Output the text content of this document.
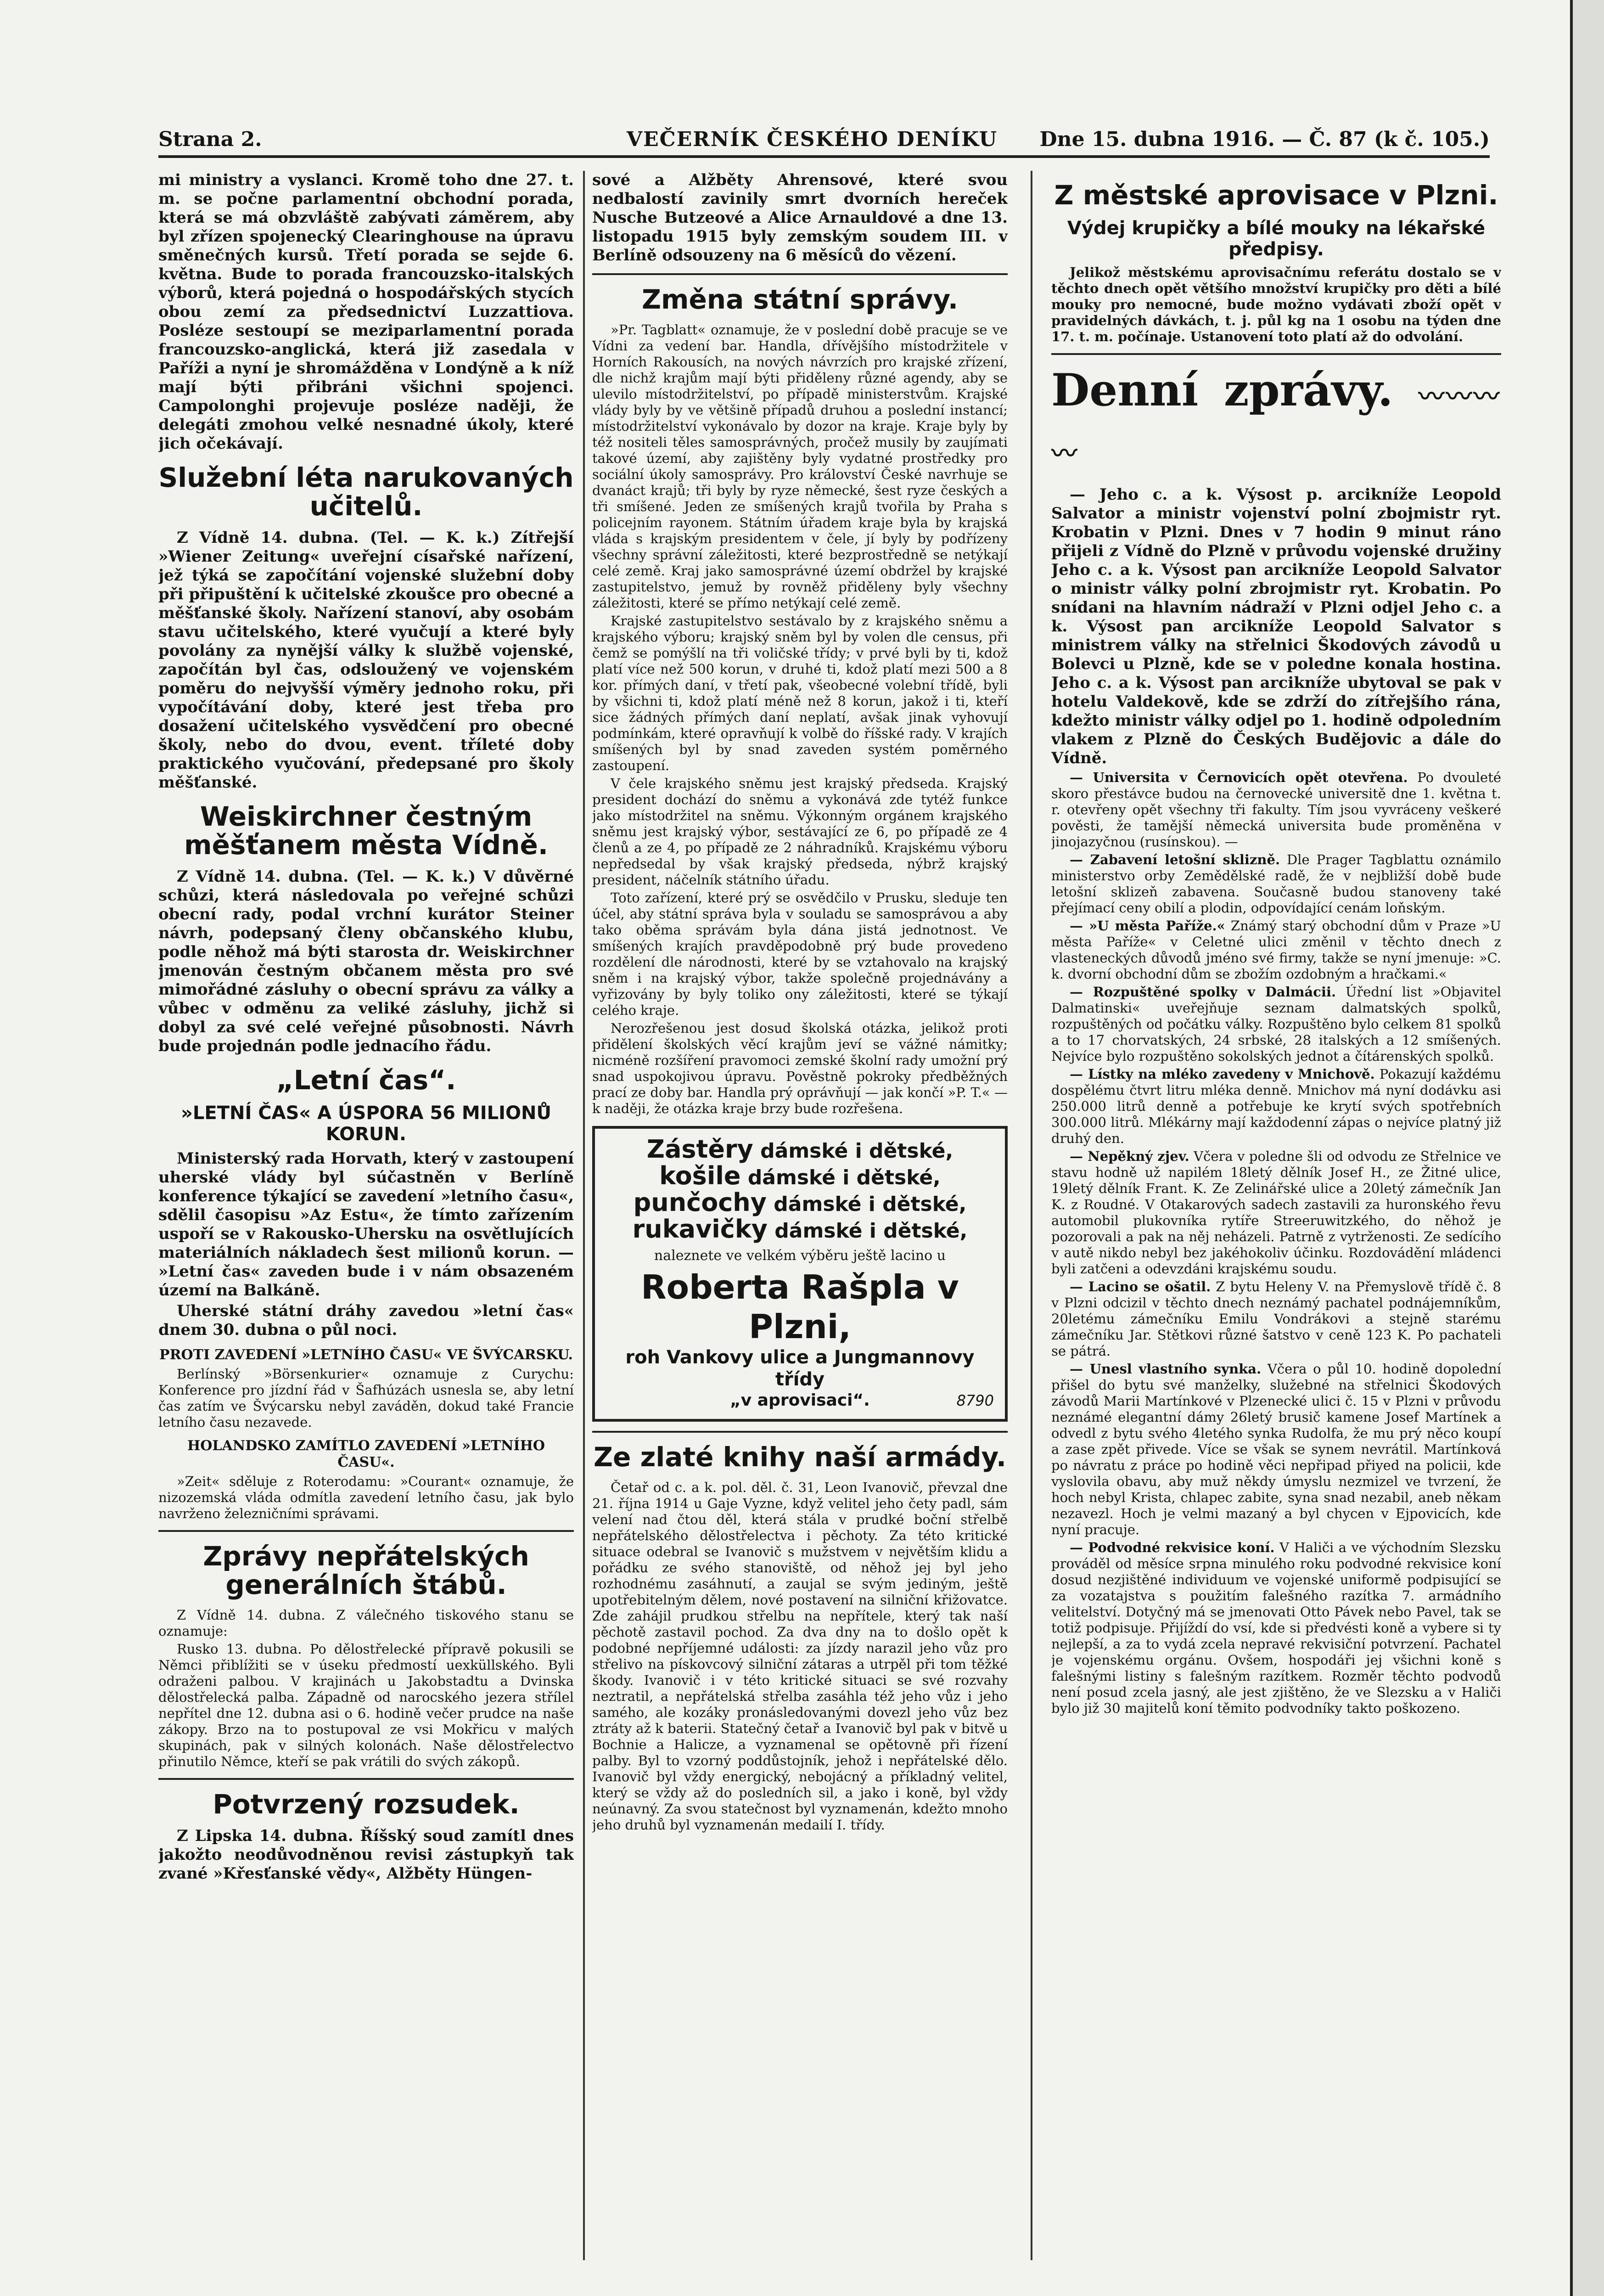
Strana 2.	VEČERNÍK ČESKÉHO DENÍKU Dne 15. dubna 1916. — Č. 87 (k č. 105.)

mi ministry a vyslanci. Kromě toho dne 27. t. m. se počne parlamentní obchodní porada, která se má obzvláště zabývati záměrem, aby byl zřízen spojenecký Clearinghouse na úpravu směnečných kursů. Třetí porada se sejde 6. května. Bude to porada francouzsko-italských výborů, která pojedná o hospodářských stycích obou zemí za předsednictví Luzzattiova. Posléze sestoupí se meziparlamentní porada francouzsko-anglická, která již zasedala v Paříži a nyní je shromážděna v Londýně a k níž mají býti přibráni všichni spojenci. Campolonghi projevuje posléze naději, že delegáti zmohou velké nesnadné úkoly, které jich očekávají.

Služební léta narukovaných učitelů.

Z Vídně 14. dubna. (Tel. — K. k.) Zítřejší »Wiener Zeitung« uveřejní císařské nařízení, jež týká se započítání vojenské služební doby při připuštění k učitelské zkoušce pro obecné a měšťanské školy. Nařízení stanoví, aby osobám stavu učitelského, které vyučují a které byly povolány za nynější války k službě vojenské, započítán byl čas, odsloužený ve vojenském poměru do nejvyšší výměry jednoho roku, při vypočítávání doby, které jest třeba pro dosažení učitelského vysvědčení pro obecné školy, nebo do dvou, event. tříleté doby praktického vyučování, předepsané pro školy měšťanské.

Weiskirchner čestným měšťanem města Vídně.

Z Vídně 14. dubna. (Tel. — K. k.) V důvěrné schůzi, která následovala po veřejné schůzi obecní rady, podal vrchní kurátor Steiner návrh, podepsaný členy občanského klubu, podle něhož má býti starosta dr. Weiskirchner jmenován čestným občanem města pro své mimořádné zásluhy o obecní správu za války a vůbec v odměnu za veliké zásluhy, jichž si dobyl za své celé veřejné působnosti. Návrh bude projednán podle jednacího řádu.

„Letní čas“.
»LETNÍ ČAS« A ÚSPORA 56 MILIONŮ KORUN.

Ministerský rada Horvath, který v zastoupení uherské vlády byl súčastněn v Berlíně konference týkající se zavedení »letního času«, sdělil časopisu »Az Estu«, že tímto zařízením uspoří se v Rakousko-Uhersku na osvětlujících materiálních nákladech šest milionů korun. — »Letní čas« zaveden bude i v nám obsazeném území na Balkáně.

Uherské státní dráhy zavedou »letní čas« dnem 30. dubna o půl noci.

PROTI ZAVEDENÍ »LETNÍHO ČASU« VE ŠVÝCARSKU.

Berlínský »Börsenkurier« oznamuje z Curychu: Konference pro jízdní řád v Šafhúzách usnesla se, aby letní čas zatím ve Švýcarsku nebyl zaváděn, dokud také Francie letního času nezavede.

HOLANDSKO ZAMÍTLO ZAVEDENÍ »LETNÍHO ČASU«.

»Zeit« sděluje z Roterodamu: »Courant« oznamuje, že nizozemská vláda odmítla zavedení letního času, jak bylo navrženo železničními správami.

Zprávy nepřátelských generálních štábů.

Z Vídně 14. dubna. Z válečného tiskového stanu se oznamuje:

Rusko 13. dubna. Po dělostřelecké přípravě pokusili se Němci přiblížiti se v úseku předmostí uexküllského. Byli odraženi palbou. V krajinách u Jakobstadtu a Dvinska dělostřelecká palba. Západně od narocského jezera střílel nepřítel dne 12. dubna asi o 6. hodině večer prudce na naše zákopy. Brzo na to postupoval ze vsi Mokřicu v malých skupinách, pak v silných kolonách. Naše dělostřelectvo přinutilo Němce, kteří se pak vrátili do svých zákopů.

Potvrzený rozsudek.

Z Lipska 14. dubna. Říšský soud zamítl dnes jakožto neodůvodněnou revisi zástupkyň tak zvané »Křesťanské vědy«, Alžběty Hüngen-

sové a Alžběty Ahrensové, které svou nedbalostí zavinily smrt dvorních hereček Nusche Butzeové a Alice Arnauldové a dne 13. listopadu 1915 byly zemským soudem III. v Berlíně odsouzeny na 6 měsíců do vězení.

Změna státní správy.

»Pr. Tagblatt« oznamuje, že v poslední době pracuje se ve Vídni za vedení bar. Handla, dřívějšího místodržitele v Horních Rakousích, na nových návrzích pro krajské zřízení, dle nichž krajům mají býti přiděleny různé agendy, aby se ulevilo místodržitelství, po případě ministerstvům. Krajské vlády byly by ve většině případů druhou a poslední instancí; místodržitelství vykonávalo by dozor na kraje. Kraje byly by též nositeli těles samosprávných, pročež musily by zaujímati takové území, aby zajištěny byly vydatné prostředky pro sociální úkoly samosprávy. Pro království České navrhuje se dvanáct krajů; tři byly by ryze německé, šest ryze českých a tři smíšené. Jeden ze smíšených krajů tvořila by Praha s policejním rayonem. Státním úřadem kraje byla by krajská vláda s krajským presidentem v čele, jí byly by podřízeny všechny správní záležitosti, které bezprostředně se netýkají celé země. Kraj jako samosprávné území obdržel by krajské zastupitelstvo, jemuž by rovněž přiděleny byly všechny záležitosti, které se přímo netýkají celé země.

Krajské zastupitelstvo sestávalo by z krajského sněmu a krajského výboru; krajský sněm byl by volen dle census, při čemž se pomýšlí na tři voličské třídy; v prvé byli by ti, kdož platí více než 500 korun, v druhé ti, kdož platí mezi 500 a 8 kor. přímých daní, v třetí pak, všeobecné volební třídě, byli by všichni ti, kdož platí méně než 8 korun, jakož i ti, kteří sice žádných přímých daní neplatí, avšak jinak vyhovují podmínkám, které opravňují k volbě do říšské rady. V krajích smíšených byl by snad zaveden systém poměrného zastoupení.

V čele krajského sněmu jest krajský předseda. Krajský president dochází do sněmu a vykonává zde tytéž funkce jako místodržitel na sněmu. Výkonným orgánem krajského sněmu jest krajský výbor, sestávající ze 6, po případě ze 4 členů a ze 4, po případě ze 2 náhradníků. Krajskému výboru nepředsedal by však krajský předseda, nýbrž krajský president, náčelník státního úřadu.

Toto zařízení, které prý se osvědčilo v Prusku, sleduje ten účel, aby státní správa byla v souladu se samosprávou a aby tako oběma správám byla dána jistá jednotnost. Ve smíšených krajích pravděpodobně prý bude provedeno rozdělení dle národnosti, které by se vztahovalo na krajský sněm i na krajský výbor, takže společně projednávány a vyřizovány by byly toliko ony záležitosti, které se týkají celého kraje.

Nerozřešenou jest dosud školská otázka, jelikož proti přidělení školských věcí krajům jeví se vážné námitky; nicméně rozšíření pravomoci zemské školní rady umožní prý snad uspokojivou úpravu. Pověstně pokroky předběžných prací ze doby bar. Handla prý oprávňují — jak končí »P. T.« — k naději, že otázka kraje brzy bude rozřešena.

Zástěry dámské i dětské,
košile dámské i dětské,
punčochy dámské i dětské,
rukavičky dámské i dětské,
naleznete ve velkém výběru ještě lacino u
Roberta Rašpla v Plzni,
roh Vankovy ulice a Jungmannovy třídy
„v aprovisaci“.	8790
Ze zlaté knihy naší armády.

Četař od c. a k. pol. děl. č. 31, Leon Ivanovič, převzal dne 21. října 1914 u Gaje Vyzne, když velitel jeho čety padl, sám velení nad čtou děl, která stála v prudké boční střelbě nepřátelského dělostřelectva i pěchoty. Za této kritické situace odebral se Ivanovič s mužstvem v největším klidu a pořádku ze svého stanoviště, od něhož jej byl jeho rozhodnému zasáhnutí, a zaujal se svým jediným, ještě upotřebitelným dělem, nové postavení na silniční křižovatce. Zde zahájil prudkou střelbu na nepřítele, který tak naší pěchotě zastavil pochod. Za dva dny na to došlo opět k podobné nepříjemné události: za jízdy narazil jeho vůz pro střelivo na pískovcový silniční zátaras a utrpěl při tom těžké škody. Ivanovič i v této kritické situaci se své rozvahy neztratil, a nepřátelská střelba zasáhla též jeho vůz i jeho samého, ale kozáky pronásledovanými dovezl jeho vůz bez ztráty až k baterii. Statečný četař a Ivanovič byl pak v bitvě u Bochnie a Halicze, a vyznamenal se opětovně při řízení palby. Byl to vzorný poddůstojník, jehož i nepřátelské dělo. Ivanovič byl vždy energický, nebojácný a příkladný velitel, který se vždy až do posledních sil, a jako i koně, byl vždy neúnavný. Za svou statečnost byl vyznamenán, kdežto mnoho jeho druhů byl vyznamenán medailí I. třídy.

Z městské aprovisace v Plzni.
Výdej krupičky a bílé mouky na lékařské předpisy.

Jelikož městskému aprovisačnímu referátu dostalo se v těchto dnech opět většího množství krupičky pro děti a bílé mouky pro nemocné, bude možno vydávati zboží opět v pravidelných dávkách, t. j. půl kg na 1 osobu na týden dne 17. t. m. počínaje. Ustanovení toto platí až do odvolání.

Denní zprávy. 〰〰〰〰

— Jeho c. a k. Výsost p. arcikníže Leopold Salvator a ministr vojenství polní zbojmistr ryt. Krobatin v Plzni. Dnes v 7 hodin 9 minut ráno přijeli z Vídně do Plzně v průvodu vojenské družiny Jeho c. a k. Výsost pan arcikníže Leopold Salvator o ministr války polní zbrojmistr ryt. Krobatin. Po snídani na hlavním nádraží v Plzni odjel Jeho c. a k. Výsost pan arcikníže Leopold Salvator s ministrem války na střelnici Škodových závodů u Bolevci u Plzně, kde se v poledne konala hostina. Jeho c. a k. Výsost pan arcikníže ubytoval se pak v hotelu Valdekově, kde se zdrží do zítřejšího rána, kdežto ministr války odjel po 1. hodině odpoledním vlakem z Plzně do Českých Budějovic a dále do Vídně.

— Universita v Černovicích opět otevřena. Po dvouleté skoro přestávce budou na černovecké universitě dne 1. května t. r. otevřeny opět všechny tři fakulty. Tím jsou vyvráceny veškeré pověsti, že tamější německá universita bude proměněna v jinojazyčnou (rusínskou). —

— Zabavení letošní sklizně. Dle Prager Tagblattu oznámilo ministerstvo orby Zemědělské radě, že v nejbližší době bude letošní sklizeň zabavena. Současně budou stanoveny také přejímací ceny obilí a plodin, odpovídající cenám loňským.

— »U města Paříže.« Známý starý obchodní dům v Praze »U města Paříže« v Celetné ulici změnil v těchto dnech z vlasteneckých důvodů jméno své firmy, takže se nyní jmenuje: »C. k. dvorní obchodní dům se zbožím ozdobným a hračkami.«

— Rozpuštěné spolky v Dalmácii. Úřední list »Objavitel Dalmatinski« uveřejňuje seznam dalmatských spolků, rozpuštěných od počátku války. Rozpuštěno bylo celkem 81 spolků a to 17 chorvatských, 24 srbské, 28 italských a 12 smíšených. Nejvíce bylo rozpuštěno sokolských jednot a čítárenských spolků.

— Lístky na mléko zavedeny v Mnichově. Pokazují každému dospělému čtvrt litru mléka denně. Mnichov má nyní dodávku asi 250.000 litrů denně a potřebuje ke krytí svých spotřebních 300.000 litrů. Mlékárny mají každodenní zápas o nejvíce platný již druhý den.

— Nepěkný zjev. Včera v poledne šli od odvodu ze Střelnice ve stavu hodně už napilém 18letý dělník Josef H., ze Žitné ulice, 19letý dělník Frant. K. Ze Zelinářské ulice a 20letý zámečník Jan K. z Roudné. V Otakarových sadech zastavili za huronského řevu automobil plukovníka rytíře Streeruwitzkého, do něhož je pozorovali a pak na něj neházeli. Patrně z vytrženosti. Ze sedícího v autě nikdo nebyl bez jakéhokoliv účinku. Rozdovádění mládenci byli zatčeni a odevzdáni krajskému soudu.

— Lacino se ošatil. Z bytu Heleny V. na Přemyslově třídě č. 8 v Plzni odcizil v těchto dnech neznámý pachatel podnájemníkům, 20letému zámečníku Emilu Vondrákovi a stejně starému zámečníku Jar. Stětkovi různé šatstvo v ceně 123 K. Po pachateli se pátrá.

— Unesl vlastního synka. Včera o půl 10. hodině dopolední přišel do bytu své manželky, služebné na střelnici Škodových závodů Marii Martínkové v Plzenecké ulici č. 15 v Plzni v průvodu neznámé elegantní dámy 26letý brusič kamene Josef Martínek a odvedl z bytu svého 4letého synka Rudolfa, že mu prý něco koupí a zase zpět přivede. Více se však se synem nevrátil. Martínková po návratu z práce po hodině věci nepřipad přiyed na policii, kde vyslovila obavu, aby muž někdy úmyslu nezmizel ve tvrzení, že hoch nebyl Krista, chlapec zabite, syna snad nezabil, aneb někam nezavezl. Hoch je velmi mazaný a byl chycen v Ejpovicích, kde nyní pracuje.

— Podvodné rekvisice koní. V Haliči a ve východním Slezsku prováděl od měsíce srpna minulého roku podvodné rekvisice koní dosud nezjištěné individuum ve vojenské uniformě podpisující se za vozatajstva s použitím falešného razítka 7. armádního velitelství. Dotyčný má se jmenovati Otto Pávek nebo Pavel, tak se totiž podpisuje. Přijíždí do vsí, kde si předvésti koně a vybere si ty nejlepší, a za to vydá zcela nepravé rekvisiční potvrzení. Pachatel je vojenskému orgánu. Ovšem, hospodáři jej všichni koně s falešnými listiny s falešným razítkem. Rozměr těchto podvodů není posud zcela jasný, ale jest zjištěno, že ve Slezsku a v Haliči bylo již 30 majitelů koní těmito podvodníky takto poškozeno.
